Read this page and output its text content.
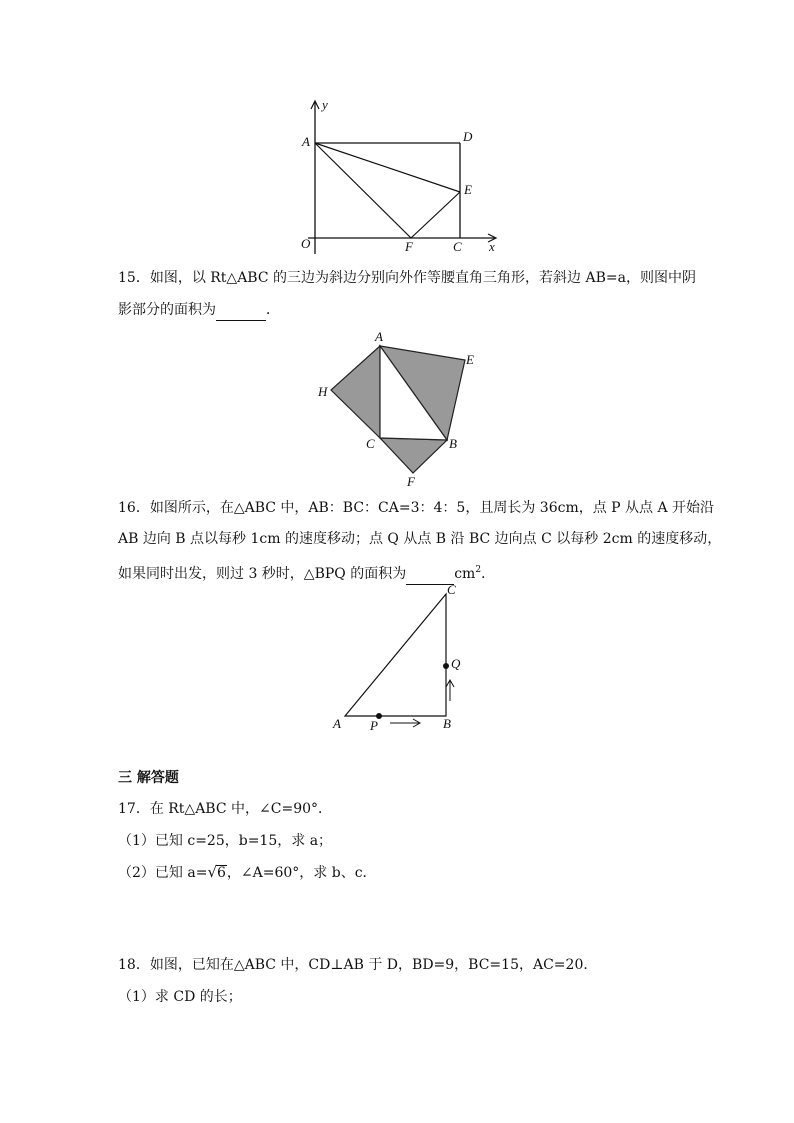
y
A	D
E
O	F	C x
15．如图，以 Rt△ABC 的三边为斜边分别向外作等腰直角三角形，若斜边 AB=a，则图中阴
影部分的面积为	．
A
E
H
C	B
F
16．如图所示，在△ABC 中，AB：BC：CA=3：4：5，且周长为 36cm，点 P 从点 A 开始沿
AB 边向 B 点以每秒 1cm 的速度移动；点 Q 从点 B 沿 BC 边向点 C 以每秒 2cm 的速度移动，
如果同时出发，则过 3 秒时，△BPQ 的面积为	$cm^2$．
C
Q
A P	B
三 解答题
17．在 Rt△ABC 中，∠C=90°．
（1）已知 c=25，b=15，求 a；
（2）已知 a=√6，∠A=60°，求 b、c．
18．如图，已知在△ABC 中，CD⊥AB 于 D，BD=9，BC=15，AC=20．
（1）求 CD 的长；
